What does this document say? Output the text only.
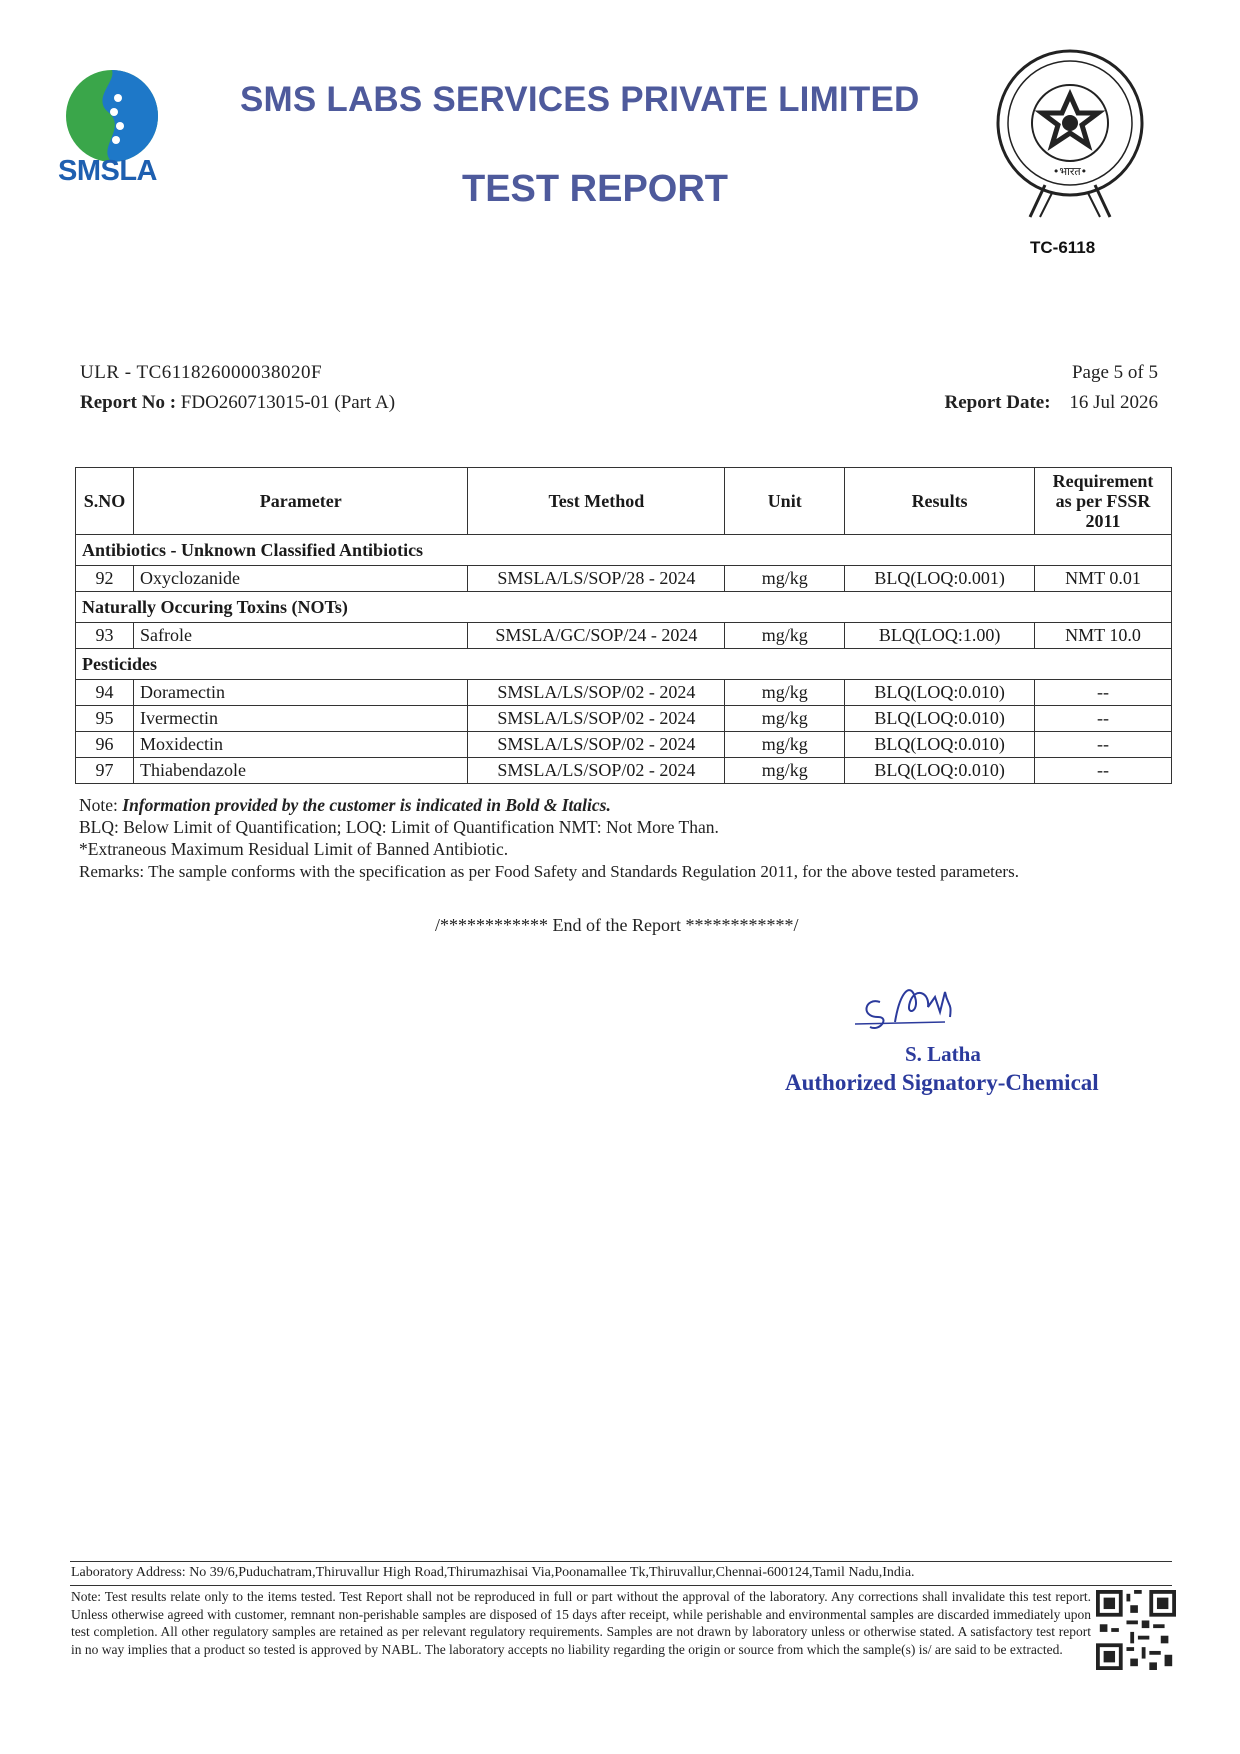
SMSLA
SMS LABS SERVICES PRIVATE LIMITED
TEST REPORT	•भारत•
TC-6118
ULR - TC611826000038020F
Report No : FDO260713015-01 (Part A)
Page 5 of 5
Report Date: 16 Jul 2026
S.NO	Parameter	Test Method	Unit	Results	Requirement
as per FSSR
2011
Antibiotics - Unknown Classified Antibiotics					
92	Oxyclozanide	SMSLA/LS/SOP/28 - 2024	mg/kg	BLQ(LOQ:0.001)	NMT 0.01
Naturally Occuring Toxins (NOTs)					
93	Safrole	SMSLA/GC/SOP/24 - 2024	mg/kg	BLQ(LOQ:1.00)	NMT 10.0
Pesticides					
94	Doramectin	SMSLA/LS/SOP/02 - 2024	mg/kg	BLQ(LOQ:0.010)	--
95	Ivermectin	SMSLA/LS/SOP/02 - 2024	mg/kg	BLQ(LOQ:0.010)	--
96	Moxidectin	SMSLA/LS/SOP/02 - 2024	mg/kg	BLQ(LOQ:0.010)	--
97	Thiabendazole	SMSLA/LS/SOP/02 - 2024	mg/kg	BLQ(LOQ:0.010)	--
Note: Information provided by the customer is indicated in Bold & Italics.
BLQ: Below Limit of Quantification; LOQ: Limit of Quantification NMT: Not More Than.
*Extraneous Maximum Residual Limit of Banned Antibiotic.
Remarks: The sample conforms with the specification as per Food Safety and Standards Regulation 2011, for the above tested parameters.
/************ End of the Report ************/
S. Latha
Authorized Signatory-Chemical
Laboratory Address: No 39/6,Puduchatram,Thiruvallur High Road,Thirumazhisai Via,Poonamallee Tk,Thiruvallur,Chennai-600124,Tamil Nadu,India.
Note: Test results relate only to the items tested. Test Report shall not be reproduced in full or part without the approval of the laboratory. Any corrections shall invalidate this test report. Unless otherwise agreed with customer, remnant non-perishable samples are disposed of 15 days after receipt, while perishable and environmental samples are discarded immediately upon test completion. All other regulatory samples are retained as per relevant regulatory requirements. Samples are not drawn by laboratory unless or otherwise stated. A satisfactory test report in no way implies that a product so tested is approved by NABL. The laboratory accepts no liability regarding the origin or source from which the sample(s) is/ are said to be extracted.
